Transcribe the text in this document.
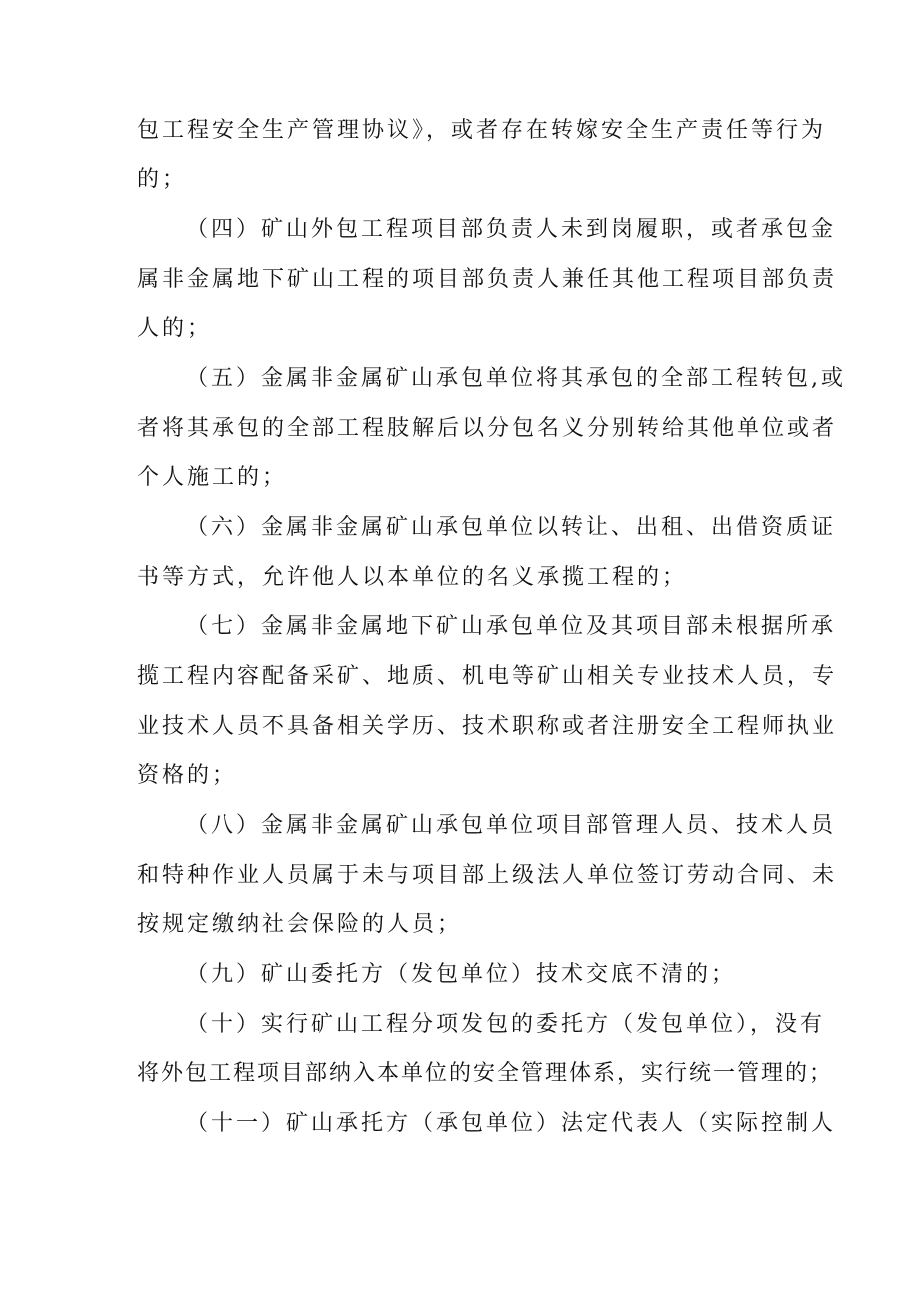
包工程安全生产管理协议》，或者存在转嫁安全生产责任等行为
的；
（四）矿山外包工程项目部负责人未到岗履职，或者承包金
属非金属地下矿山工程的项目部负责人兼任其他工程项目部负责
人的；
（五）金属非金属矿山承包单位将其承包的全部工程转包,或
者将其承包的全部工程肢解后以分包名义分别转给其他单位或者
个人施工的；
（六）金属非金属矿山承包单位以转让、出租、出借资质证
书等方式，允许他人以本单位的名义承揽工程的；
（七）金属非金属地下矿山承包单位及其项目部未根据所承
揽工程内容配备采矿、地质、机电等矿山相关专业技术人员，专
业技术人员不具备相关学历、技术职称或者注册安全工程师执业
资格的；
（八）金属非金属矿山承包单位项目部管理人员、技术人员
和特种作业人员属于未与项目部上级法人单位签订劳动合同、未
按规定缴纳社会保险的人员；
（九）矿山委托方（发包单位）技术交底不清的；
（十）实行矿山工程分项发包的委托方（发包单位），没有
将外包工程项目部纳入本单位的安全管理体系，实行统一管理的；
（十一）矿山承托方（承包单位）法定代表人（实际控制人
